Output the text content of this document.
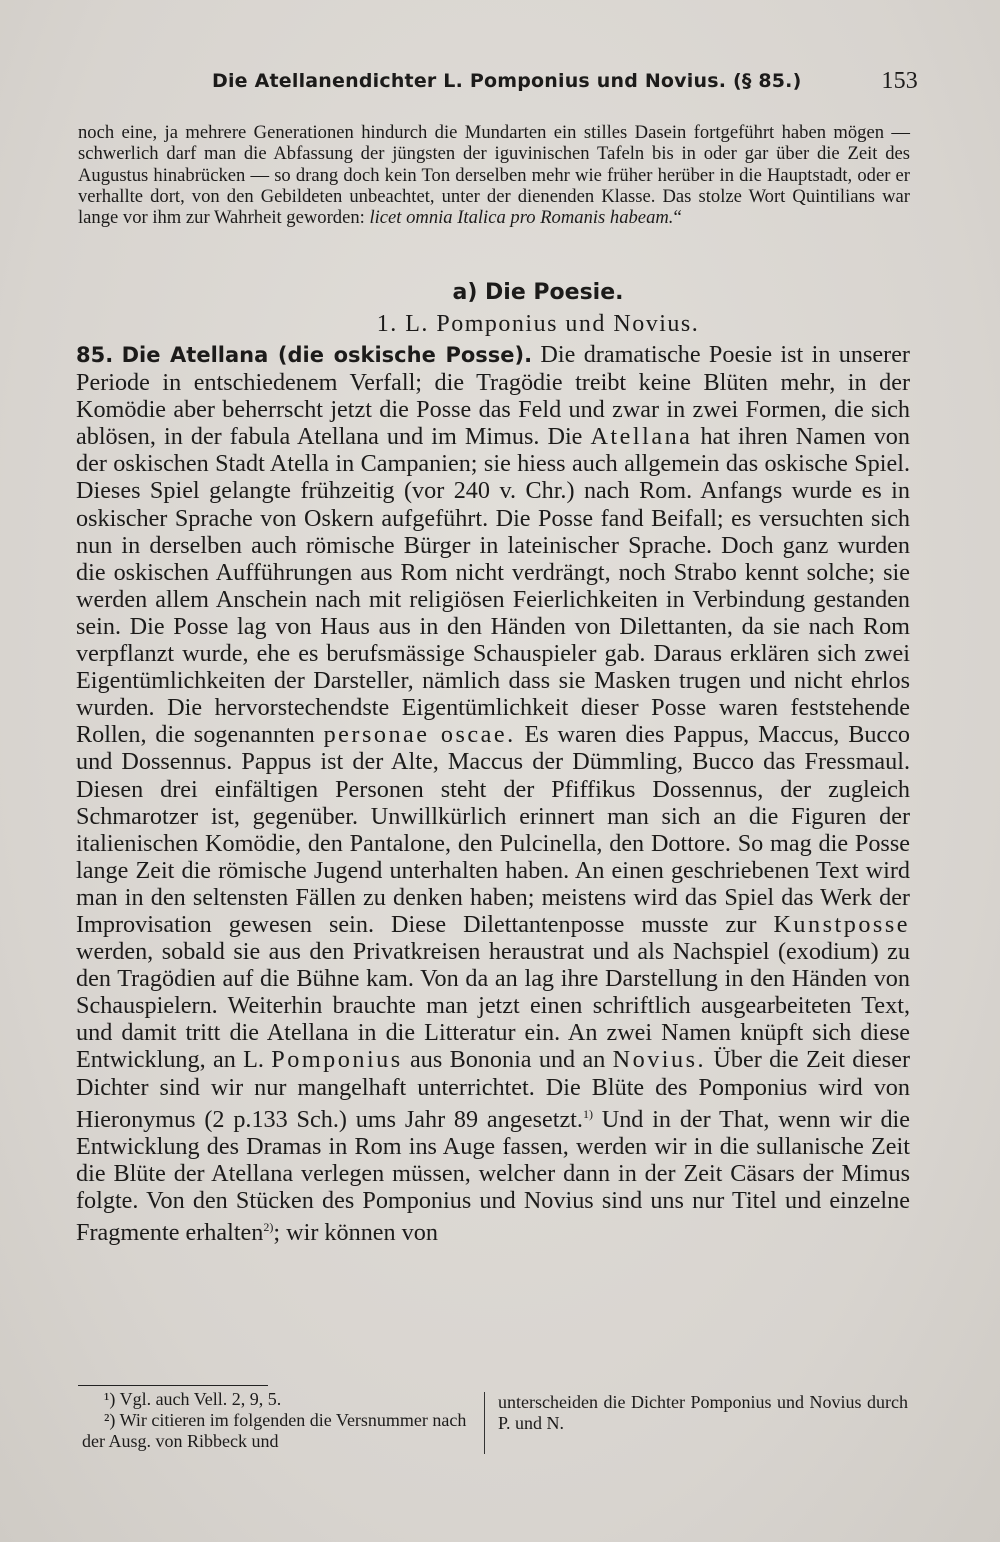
Die Atellanendichter L. Pomponius und Novius. (§ 85.)	153
noch eine, ja mehrere Generationen hindurch die Mundarten ein stilles Dasein fortgeführt haben mögen — schwerlich darf man die Abfassung der jüngsten der iguvinischen Tafeln bis in oder gar über die Zeit des Augustus hinabrücken — so drang doch kein Ton derselben mehr wie früher herüber in die Hauptstadt, oder er verhallte dort, von den Gebildeten unbeachtet, unter der dienenden Klasse. Das stolze Wort Quintilians war lange vor ihm zur Wahrheit geworden: licet omnia Italica pro Romanis habeam.“
a) Die Poesie.
1. L. Pomponius und Novius.
85. Die Atellana (die oskische Posse). Die dramatische Poesie ist in unserer Periode in entschiedenem Verfall; die Tragödie treibt keine Blüten mehr, in der Komödie aber beherrscht jetzt die Posse das Feld und zwar in zwei Formen, die sich ablösen, in der fabula Atellana und im Mimus. Die Atellana hat ihren Namen von der oskischen Stadt Atella in Campanien; sie hiess auch allgemein das oskische Spiel. Dieses Spiel gelangte frühzeitig (vor 240 v. Chr.) nach Rom. Anfangs wurde es in oskischer Sprache von Oskern aufgeführt. Die Posse fand Beifall; es versuchten sich nun in derselben auch römische Bürger in lateinischer Sprache. Doch ganz wurden die oskischen Aufführungen aus Rom nicht verdrängt, noch Strabo kennt solche; sie werden allem Anschein nach mit religiösen Feierlichkeiten in Verbindung gestanden sein. Die Posse lag von Haus aus in den Händen von Dilettanten, da sie nach Rom verpflanzt wurde, ehe es berufsmässige Schauspieler gab. Daraus erklären sich zwei Eigentümlichkeiten der Darsteller, nämlich dass sie Masken trugen und nicht ehrlos wurden. Die hervorstechendste Eigentümlichkeit dieser Posse waren feststehende Rollen, die sogenannten personae oscae. Es waren dies Pappus, Maccus, Bucco und Dossennus. Pappus ist der Alte, Maccus der Dümmling, Bucco das Fressmaul. Diesen drei einfältigen Personen steht der Pfiffikus Dossennus, der zugleich Schmarotzer ist, gegenüber. Unwillkürlich erinnert man sich an die Figuren der italienischen Komödie, den Pantalone, den Pulcinella, den Dottore. So mag die Posse lange Zeit die römische Jugend unterhalten haben. An einen geschriebenen Text wird man in den seltensten Fällen zu denken haben; meistens wird das Spiel das Werk der Improvisation gewesen sein. Diese Dilettantenposse musste zur Kunstposse werden, sobald sie aus den Privatkreisen heraustrat und als Nachspiel (exodium) zu den Tragödien auf die Bühne kam. Von da an lag ihre Darstellung in den Händen von Schauspielern. Weiterhin brauchte man jetzt einen schriftlich ausgearbeiteten Text, und damit tritt die Atellana in die Litteratur ein. An zwei Namen knüpft sich diese Entwicklung, an L. Pomponius aus Bononia und an Novius. Über die Zeit dieser Dichter sind wir nur mangelhaft unterrichtet. Die Blüte des Pomponius wird von Hieronymus (2 p.133 Sch.) ums Jahr 89 angesetzt.$^{1)}$ Und in der That, wenn wir die Entwicklung des Dramas in Rom ins Auge fassen, werden wir in die sullanische Zeit die Blüte der Atellana verlegen müssen, welcher dann in der Zeit Cäsars der Mimus folgte. Von den Stücken des Pomponius und Novius sind uns nur Titel und einzelne Fragmente erhalten$^{2)}$; wir können von
¹) Vgl. auch Vell. 2, 9, 5.
²) Wir citieren im folgenden die Versnummer nach der Ausg. von Ribbeck und
unterscheiden die Dichter Pomponius und Novius durch P. und N.
